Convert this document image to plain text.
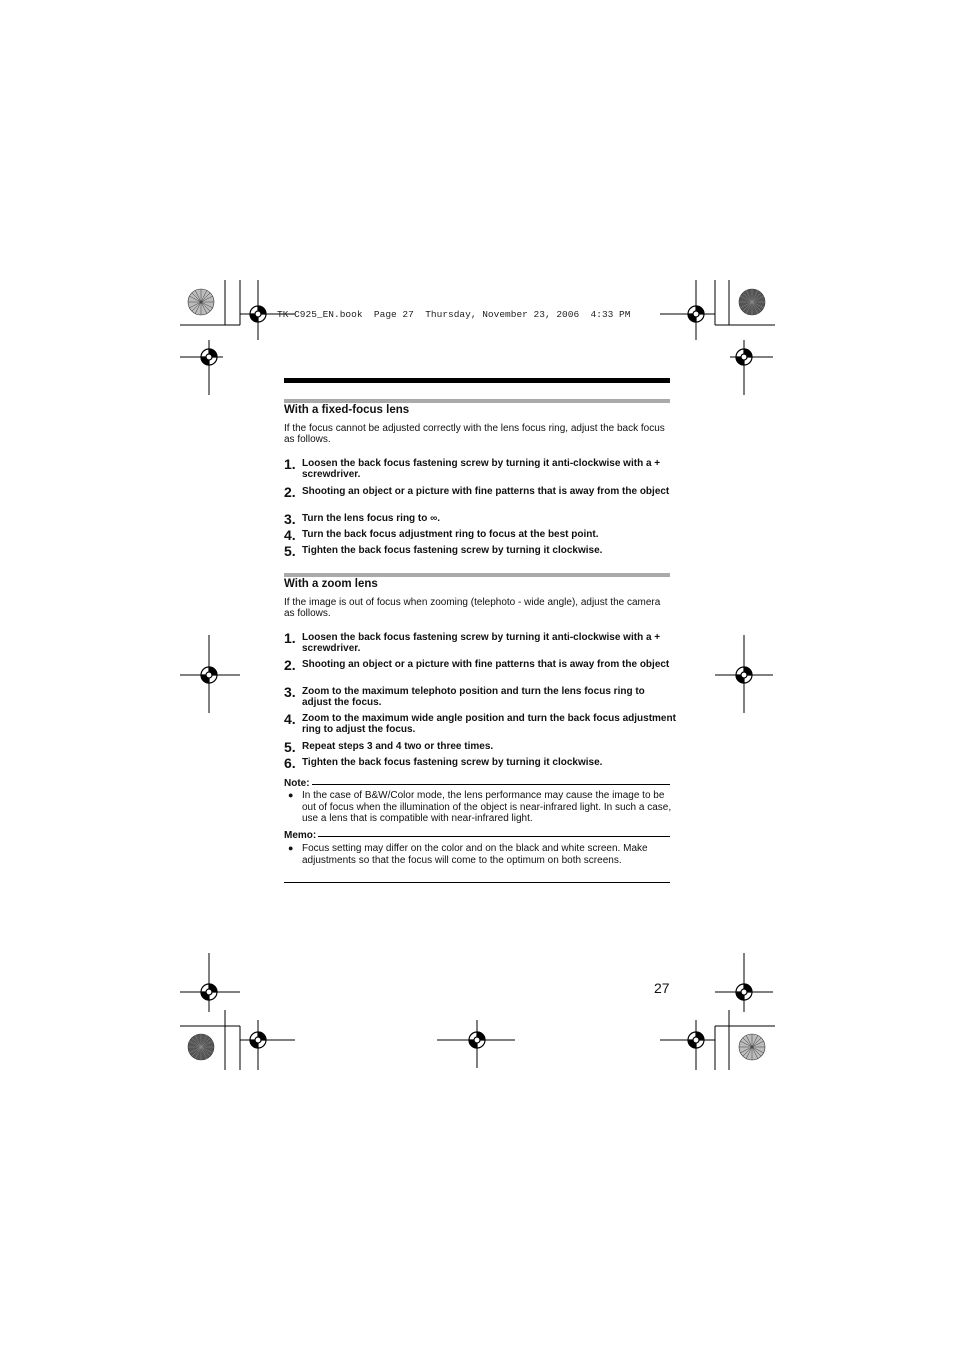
TK-C925_EN.book  Page 27  Thursday, November 23, 2006  4:33 PM
With a fixed-focus lens
If the focus cannot be adjusted correctly with the lens focus ring, adjust the back focus as follows.
1. Loosen the back focus fastening screw by turning it anti-clockwise with a + screwdriver.
2. Shooting an object or a picture with fine patterns that is away from the object
3. Turn the lens focus ring to ∞.
4. Turn the back focus adjustment ring to focus at the best point.
5. Tighten the back focus fastening screw by turning it clockwise.
With a zoom lens
If the image is out of focus when zooming (telephoto - wide angle), adjust the camera as follows.
1. Loosen the back focus fastening screw by turning it anti-clockwise with a + screwdriver.
2. Shooting an object or a picture with fine patterns that is away from the object
3. Zoom to the maximum telephoto position and turn the lens focus ring to adjust the focus.
4. Zoom to the maximum wide angle position and turn the back focus adjustment ring to adjust the focus.
5. Repeat steps 3 and 4 two or three times.
6. Tighten the back focus fastening screw by turning it clockwise.
Note:
● In the case of B&W/Color mode, the lens performance may cause the image to be out of focus when the illumination of the object is near-infrared light. In such a case, use a lens that is compatible with near-infrared light.
Memo:
● Focus setting may differ on the color and on the black and white screen. Make adjustments so that the focus will come to the optimum on both screens.
27
